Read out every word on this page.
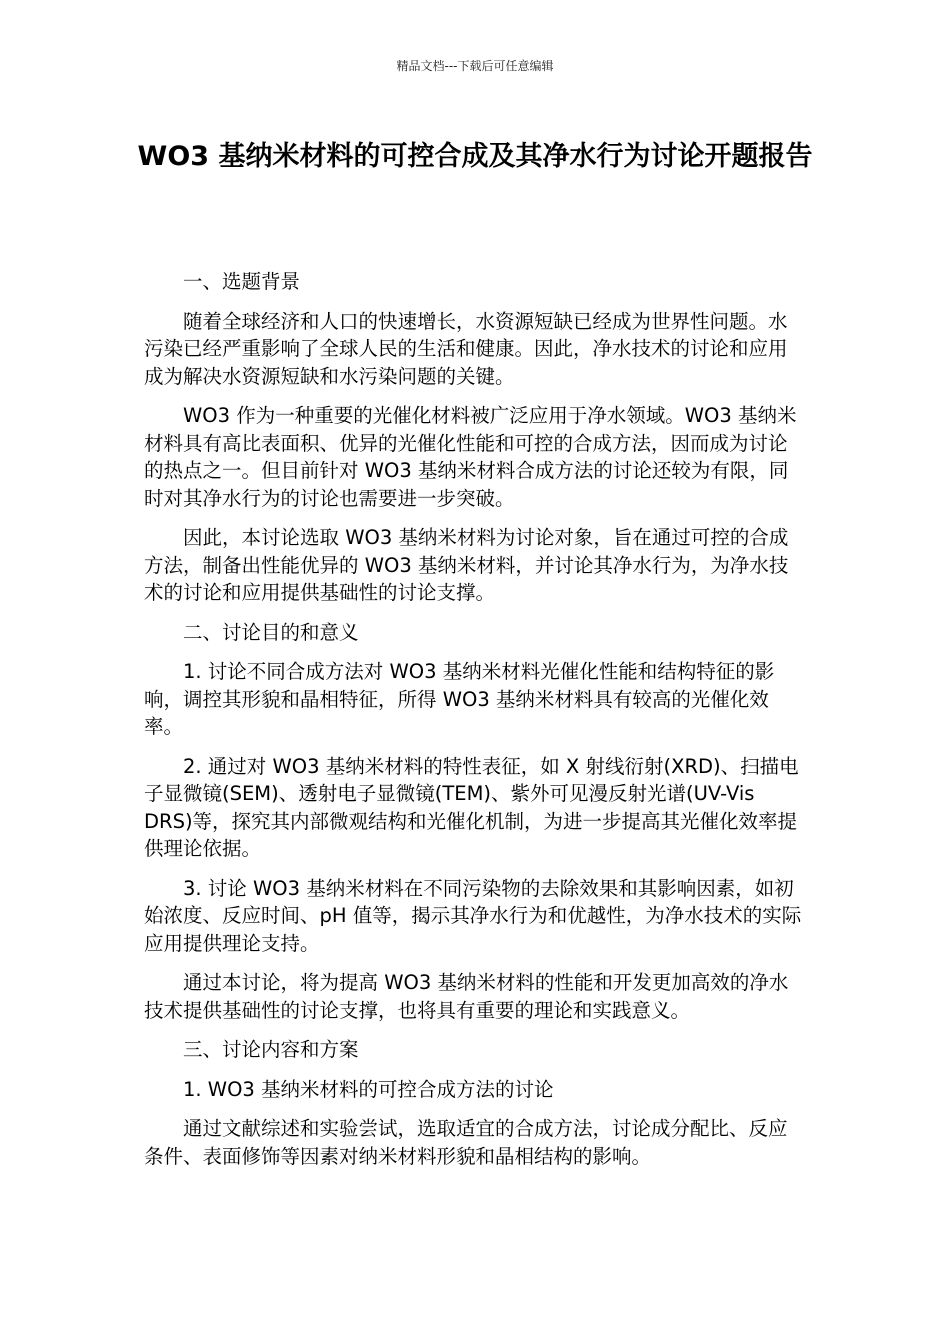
精品文档---下载后可任意编辑
WO3 基纳米材料的可控合成及其净水行为讨论开题报告

一、选题背景

随着全球经济和人口的快速增长，水资源短缺已经成为世界性问题。水污染已经严重影响了全球人民的生活和健康。因此，净水技术的讨论和应用成为解决水资源短缺和水污染问题的关键。

WO3 作为一种重要的光催化材料被广泛应用于净水领域。WO3 基纳米材料具有高比表面积、优异的光催化性能和可控的合成方法，因而成为讨论的热点之一。但目前针对 WO3 基纳米材料合成方法的讨论还较为有限，同时对其净水行为的讨论也需要进一步突破。

因此，本讨论选取 WO3 基纳米材料为讨论对象，旨在通过可控的合成方法，制备出性能优异的 WO3 基纳米材料，并讨论其净水行为，为净水技术的讨论和应用提供基础性的讨论支撑。

二、讨论目的和意义

1. 讨论不同合成方法对 WO3 基纳米材料光催化性能和结构特征的影响，调控其形貌和晶相特征，所得 WO3 基纳米材料具有较高的光催化效率。

2. 通过对 WO3 基纳米材料的特性表征，如 X 射线衍射(XRD)、扫描电子显微镜(SEM)、透射电子显微镜(TEM)、紫外可见漫反射光谱(UV-Vis DRS)等，探究其内部微观结构和光催化机制，为进一步提高其光催化效率提供理论依据。

3. 讨论 WO3 基纳米材料在不同污染物的去除效果和其影响因素，如初始浓度、反应时间、pH 值等，揭示其净水行为和优越性，为净水技术的实际应用提供理论支持。

通过本讨论，将为提高 WO3 基纳米材料的性能和开发更加高效的净水技术提供基础性的讨论支撑，也将具有重要的理论和实践意义。

三、讨论内容和方案

1. WO3 基纳米材料的可控合成方法的讨论

通过文献综述和实验尝试，选取适宜的合成方法，讨论成分配比、反应条件、表面修饰等因素对纳米材料形貌和晶相结构的影响。
